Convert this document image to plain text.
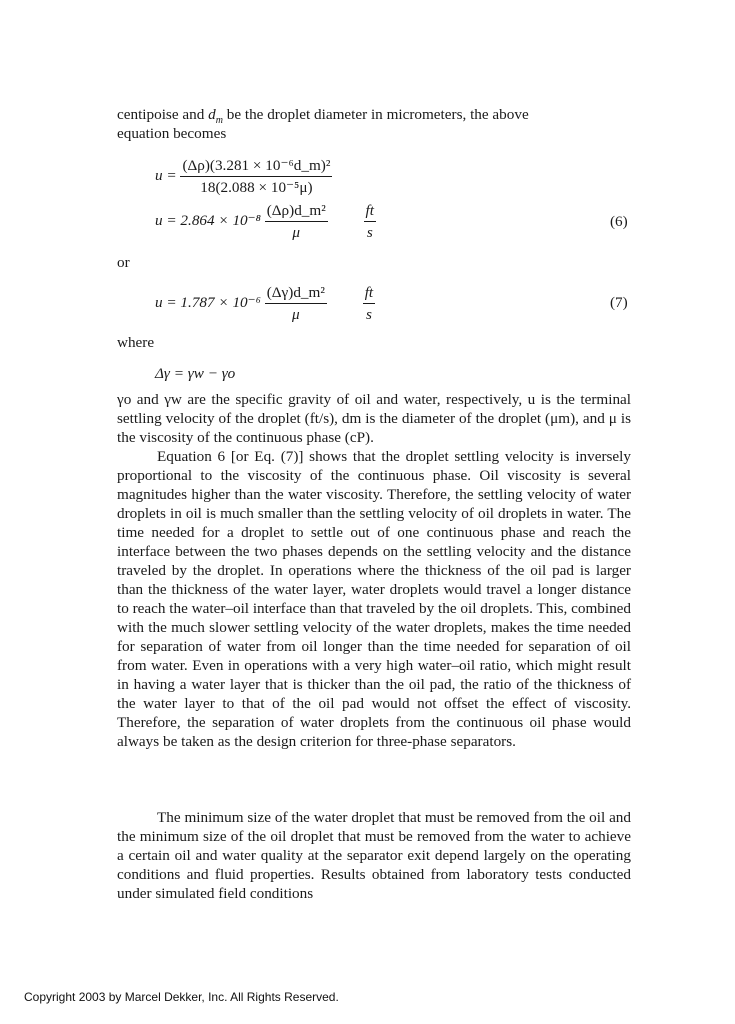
centipoise and $d_m$ be the droplet diameter in micrometers, the above
equation becomes
$u = \frac{\text{(Δρ)(3.281 × 10⁻⁶d\_m)²}}{\text{18(2.088 × 10⁻⁵μ)}}$
$u = 2.864 \times 10^{-8} \frac{\text{(Δρ)d\_m²}}{\mu}$
$\frac{ft}{s}$	(6)
or
$u = 1.787 \times 10^{-6} \frac{\text{(Δγ)d\_m²}}{\mu}$
$\frac{ft}{s}$	(7)
where
Δγ = γw − γo
γo and γw are the specific gravity of oil and water, respectively, u is the terminal settling velocity of the droplet (ft/s), dm is the diameter of the droplet (μm), and μ is the viscosity of the continuous phase (cP).
Equation 6 [or Eq. (7)] shows that the droplet settling velocity is inversely proportional to the viscosity of the continuous phase. Oil viscosity is several magnitudes higher than the water viscosity. Therefore, the settling velocity of water droplets in oil is much smaller than the settling velocity of oil droplets in water. The time needed for a droplet to settle out of one continuous phase and reach the interface between the two phases depends on the settling velocity and the distance traveled by the droplet. In operations where the thickness of the oil pad is larger than the thickness of the water layer, water droplets would travel a longer distance to reach the water–oil interface than that traveled by the oil droplets. This, combined with the much slower settling velocity of the water droplets, makes the time needed for separation of water from oil longer than the time needed for separation of oil from water. Even in operations with a very high water–oil ratio, which might result in having a water layer that is thicker than the oil pad, the ratio of the thickness of the water layer to that of the oil pad would not offset the effect of viscosity. Therefore, the separation of water droplets from the continuous oil phase would always be taken as the design criterion for three-phase separators.
The minimum size of the water droplet that must be removed from the oil and the minimum size of the oil droplet that must be removed from the water to achieve a certain oil and water quality at the separator exit depend largely on the operating conditions and fluid properties. Results obtained from laboratory tests conducted under simulated field conditions
Copyright 2003 by Marcel Dekker, Inc. All Rights Reserved.
